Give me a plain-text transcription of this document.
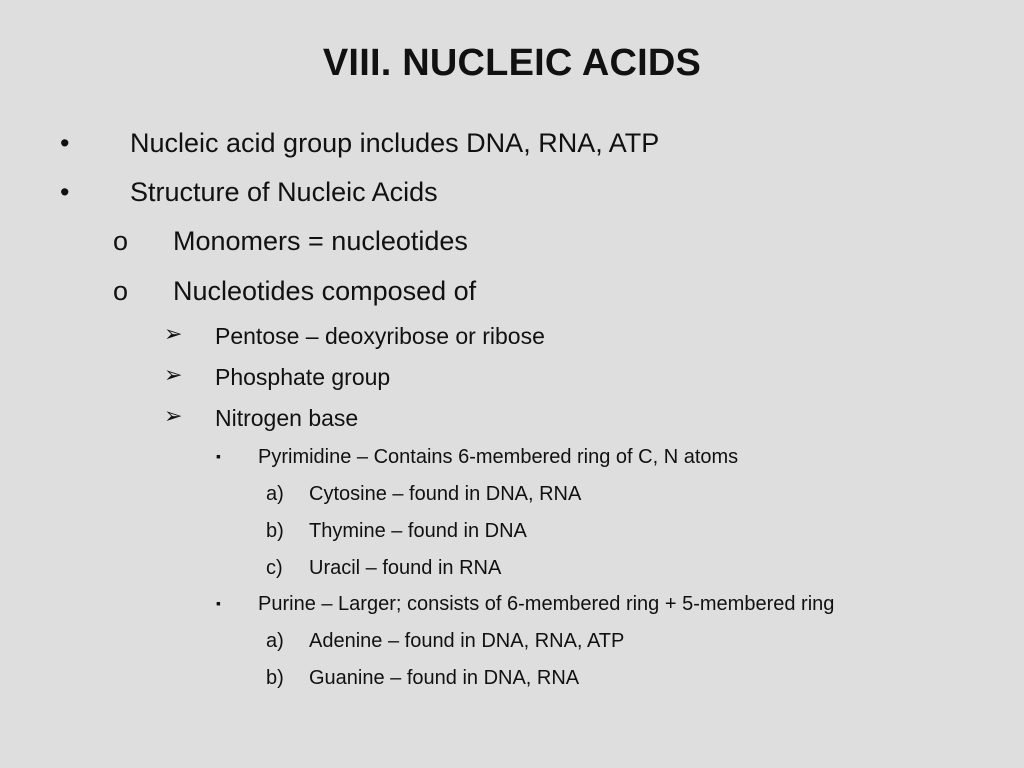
VIII. NUCLEIC ACIDS
• Nucleic acid group includes DNA, RNA, ATP
• Structure of Nucleic Acids
o Monomers = nucleotides
o Nucleotides composed of
➢ Pentose – deoxyribose or ribose
➢ Phosphate group
➢ Nitrogen base
▪ Pyrimidine – Contains 6-membered ring of C, N atoms
a) Cytosine – found in DNA, RNA
b) Thymine – found in DNA
c) Uracil – found in RNA
▪ Purine – Larger; consists of 6-membered ring + 5-membered ring
a) Adenine – found in DNA, RNA, ATP
b) Guanine – found in DNA, RNA
